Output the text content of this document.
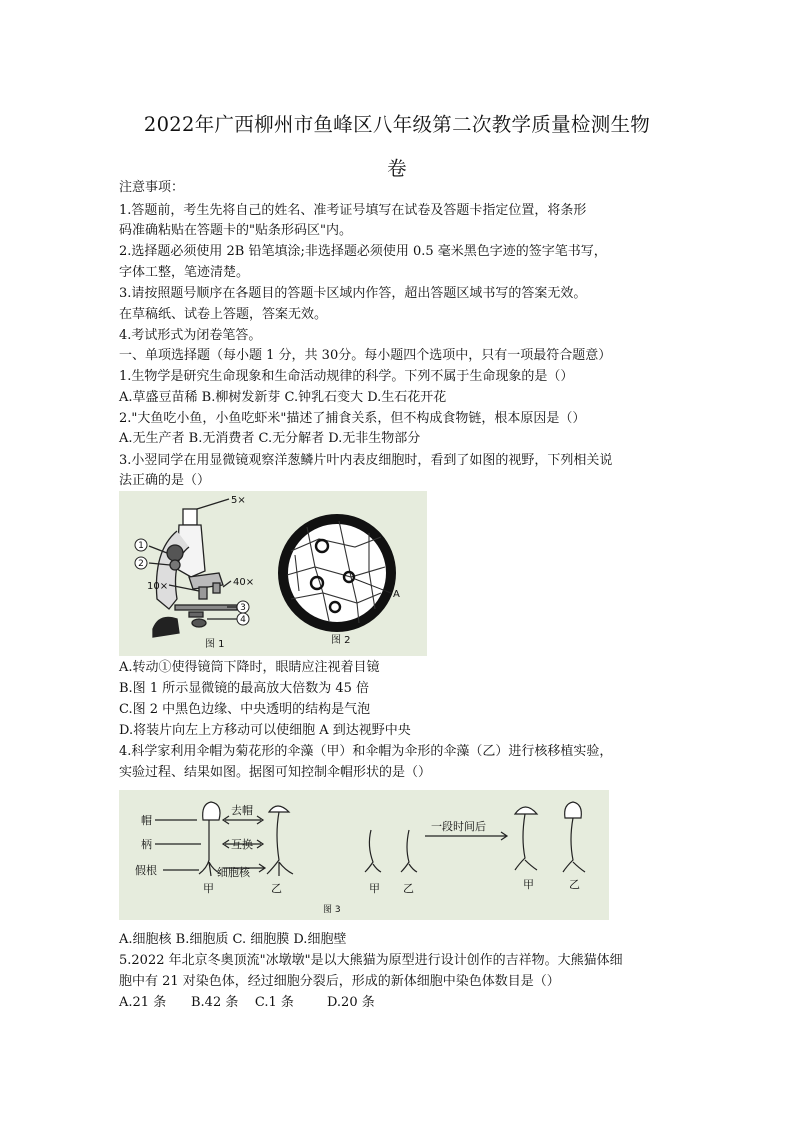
2022年广西柳州市鱼峰区八年级第二次教学质量检测生物
卷
注意事项：
1.答题前，考生先将自己的姓名、准考证号填写在试卷及答题卡指定位置，将条形
码准确粘贴在答题卡的"贴条形码区"内。
2.选择题必须使用 2B 铅笔填涂;非选择题必须使用 0.5 毫米黑色字迹的签字笔书写，
字体工整，笔迹清楚。
3.请按照题号顺序在各题目的答题卡区域内作答，超出答题区域书写的答案无效。
在草稿纸、试卷上答题，答案无效。
4.考试形式为闭卷笔答。
一、单项选择题（每小题 1 分，共 30分。每小题四个选项中，只有一项最符合题意）
1.生物学是研究生命现象和生命活动规律的科学。下列不属于生命现象的是（）
A.草盛豆苗稀 B.柳树发新芽 C.钟乳石变大 D.生石花开花
2."大鱼吃小鱼，小鱼吃虾米"描述了捕食关系，但不构成食物链，根本原因是（）
A.无生产者 B.无消费者 C.无分解者 D.无非生物部分
3.小翌同学在用显微镜观察洋葱鳞片叶内表皮细胞时，看到了如图的视野，下列相关说
法正确的是（）
5×
40×
10×
1
2
3
4
A
图 1	图 2
A.转动①使得镜筒下降时，眼睛应注视着目镜
B.图 1 所示显微镜的最高放大倍数为 45 倍
C.图 2 中黑色边缘、中央透明的结构是气泡
D.将装片向左上方移动可以使细胞 A 到达视野中央
4.科学家利用伞帽为菊花形的伞藻（甲）和伞帽为伞形的伞藻（乙）进行核移植实验，
实验过程、结果如图。据图可知控制伞帽形状的是（）
帽
柄
假根
去帽
互换
细胞核
一段时间后
甲	乙	甲 乙	甲	乙
图 3
A.细胞核 B.细胞质 C. 细胞膜 D.细胞壁
5.2022 年北京冬奥顶流"冰墩墩"是以大熊猫为原型进行设计创作的吉祥物。大熊猫体细
胞中有 21 对染色体，经过细胞分裂后，形成的新体细胞中染色体数目是（）
A.21 条      B.42 条    C.1 条        D.20 条
